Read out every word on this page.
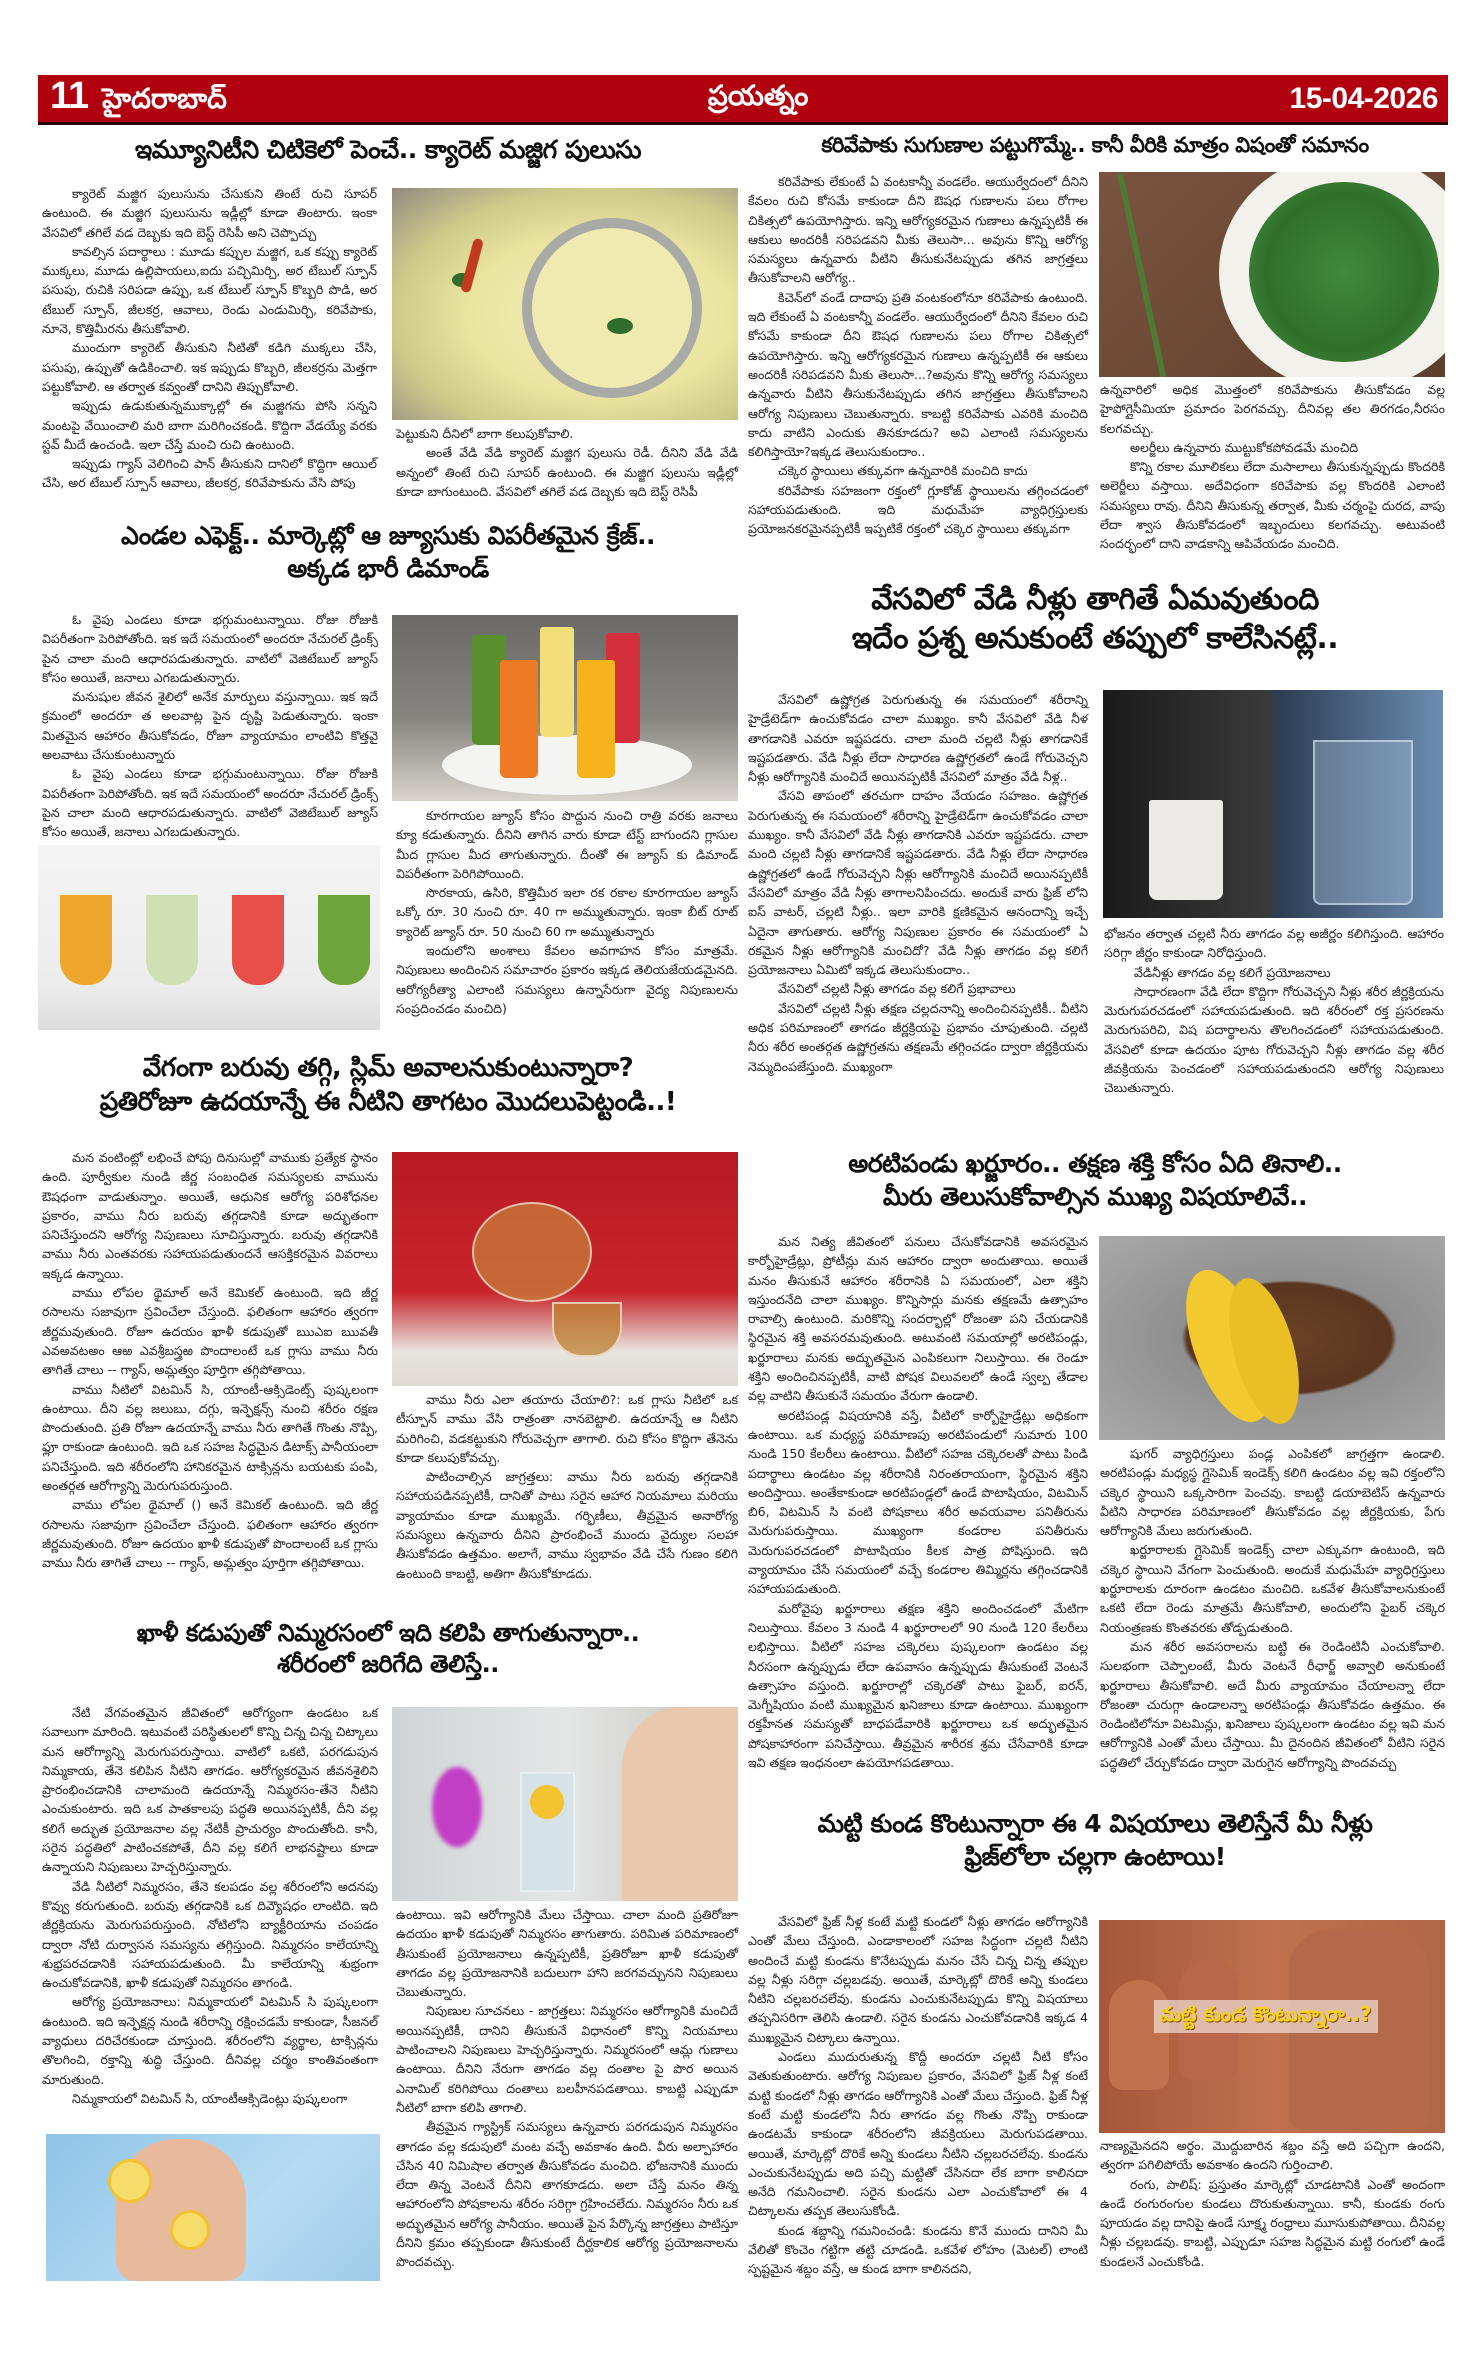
11 హైదరాబాద్	ప్రయత్నం	15-04-2026
ఇమ్యూనిటీని చిటికెలో పెంచే.. క్యారెట్ మజ్జిగ పులుసు

క్యారెట్ మజ్జిగ పులుసును చేసుకుని తింటే రుచి సూపర్ ఉంటుంది. ఈ మజ్జిగ పులుసును ఇడ్లీల్లో కూడా తింటారు. ఇంకా వేసవిలో తగిలే వడ దెబ్బకు ఇది బెస్ట్ రెసిపీ అని చెప్పొచ్చు

కావల్సిన పదార్థాలు : మూడు కప్పుల మజ్జిగ, ఒక కప్పు క్యారెట్ ముక్కలు, మూడు ఉల్లిపాయలు,ఐదు పచ్చిమిర్చి, అర టేబుల్ స్పూన్ పసుపు, రుచికి సరిపడా ఉప్పు, ఒక టేబుల్ స్పూన్ కొబ్బరి పొడి, అర టేబుల్ స్పూన్, జీలకర్ర, ఆవాలు, రెండు ఎండుమిర్చి, కరివేపాకు, నూనె, కొత్తిమీరను తీసుకోవాలి.

ముందుగా క్యారెట్ తీసుకుని నీటితో కడిగి ముక్కలు చేసి, పసుపు, ఉప్పుతో ఉడికించాలి. ఇక ఇప్పుడు కొబ్బరి, జీలకర్రను మెత్తగా పట్టుకోవాలి. ఆ తర్వాత కవ్వంతో దానిని తిప్పుకోవాలి.

ఇప్పుడు ఉడుకుతున్నముక్కాల్లో ఈ మజ్జిగను పోసి సన్నని మంటపై వేయించాలి మరి బాగా మరిగించకండి. కొద్దిగా వేడయ్యే వరకు స్టవ్ మీదే ఉంచండి. ఇలా చేస్తే మంచి రుచి ఉంటుంది.

ఇప్పుడు గ్యాస్ వెలిగించి పాన్ తీసుకుని దానిలో కొద్దిగా ఆయిల్ చేసి, అర టేబుల్ స్పూన్ ఆవాలు, జీలకర్ర, కరివేపాకును వేసి పోపు

పెట్టుకుని దీనిలో బాగా కలుపుకోవాలి.

అంతే వేడి వేడి క్యారెట్ మజ్జిగ పులుసు రెడీ. దీనిని వేడి వేడి అన్నంలో తింటే రుచి సూపర్ ఉంటుంది. ఈ మజ్జిగ పులుసు ఇడ్లీల్లో కూడా బాగుంటుంది. వేసవిలో తగిలే వడ దెబ్బకు ఇది బెస్ట్ రెసిపీ

కరివేపాకు సుగుణాల పట్టుగొమ్మే.. కానీ వీరికి మాత్రం విషంతో సమానం

కరివేపాకు లేకుంటే ఏ వంటకాన్నీ వండలేం. ఆయుర్వేదంలో దీనిని కేవలం రుచి కోసమే కాకుండా దీని ఔషధ గుణాలను పలు రోగాల చికిత్సలో ఉపయోగిస్తారు. ఇన్ని ఆరోగ్యకరమైన గుణాలు ఉన్నప్పటికీ ఈ ఆకులు అందరికీ సరిపడవని మీకు తెలుసా... అవును కొన్ని ఆరోగ్య సమస్యలు ఉన్నవారు వీటిని తీసుకునేటప్పుడు తగిన జాగ్రత్తలు తీసుకోవాలని ఆరోగ్య..

కిచెన్‌లో వండే దాదాపు ప్రతి వంటకంలోనూ కరివేపాకు ఉంటుంది. ఇది లేకుంటే ఏ వంటకాన్నీ వండలేం. ఆయుర్వేదంలో దీనిని కేవలం రుచి కోసమే కాకుండా దీని ఔషధ గుణాలను పలు రోగాల చికిత్సలో ఉపయోగిస్తారు. ఇన్ని ఆరోగ్యకరమైన గుణాలు ఉన్నప్పటికీ ఈ ఆకులు అందరికీ సరిపడవని మీకు తెలుసా...?అవును కొన్ని ఆరోగ్య సమస్యలు ఉన్నవారు వీటిని తీసుకునేటప్పుడు తగిన జాగ్రత్తలు తీసుకోవాలని ఆరోగ్య నిపుణులు చెబుతున్నారు. కాబట్టి కరివేపాకు ఎవరికి మంచిది కాదు వాటిని ఎందుకు తినకూడదు? అవి ఎలాంటి సమస్యలను కలిగిస్తాయో?ఇక్కడ తెలుసుకుందాం..

చక్కెర స్థాయిలు తక్కువగా ఉన్నవారికి మంచిది కాదు

కరివేపాకు సహజంగా రక్తంలో గ్లూకోజ్ స్థాయిలను తగ్గించడంలో సహాయపడుతుంది. ఇది మధుమేహ వ్యాధిగ్రస్తులకు ప్రయోజనకరమైనప్పటికీ ఇప్పటికే రక్తంలో చక్కెర స్థాయిలు తక్కువగా

ఉన్నవారిలో అధిక మొత్తంలో కరివేపాకును తీసుకోవడం వల్ల హైపోగ్లైసీమియా ప్రమాదం పెరగవచ్చు. దీనివల్ల తల తిరగడం,నీరసం కలగవచ్చు.

అలర్జీలు ఉన్నవారు ముట్టుకోకపోవడమే మంచిది

కొన్ని రకాల మూలికలు లేదా మసాలాలు తీసుకున్నప్పుడు కొందరికి అలెర్జీలు వస్తాయి. అదేవిధంగా కరివేపాకు వల్ల కొందరికి ఎలాంటి సమస్యలు రావు. దీనిని తీసుకున్న తర్వాత, మీకు చర్మంపై దురద, వాపు లేదా శ్వాస తీసుకోవడంలో ఇబ్బందులు కలగవచ్చు. అటువంటి సందర్భంలో దాని వాడకాన్ని ఆపివేయడం మంచిది.

ఎండల ఎఫెక్ట్.. మార్కెట్లో ఆ జ్యూసుకు విపరీతమైన క్రేజ్..
అక్కడ భారీ డిమాండ్

ఓ వైపు ఎండలు కూడా భగ్గుమంటున్నాయి. రోజు రోజుకి విపరీతంగా పెరిపోతోంది. ఇక ఇదే సమయంలో అందరూ నేచురల్ డ్రింక్స్ పైన చాలా మంది ఆధారపడుతున్నారు. వాటిలో వెజిటేబుల్ జ్యూస్ కోసం అయితే, జనాలు ఎగబడుతున్నారు.

మనుషుల జీవన శైలిలో అనేక మార్పులు వస్తున్నాయి. ఇక ఇదే క్రమంలో అందరూ త అలవాట్ల పైన దృష్టి పెడుతున్నారు. ఇంకా మితమైన ఆహారం తీసుకోవడం, రోజూ వ్యాయామం లాంటివి కొత్తవై అలవాటు చేసుకుంటున్నారు

ఓ వైపు ఎండలు కూడా భగ్గుమంటున్నాయి. రోజు రోజుకి విపరీతంగా పెరిపోతోంది. ఇక ఇదే సమయంలో అందరూ నేచురల్ డ్రింక్స్ పైన చాలా మంది ఆధారపడుతున్నారు. వాటిలో వెజిటేబుల్ జ్యూస్ కోసం అయితే, జనాలు ఎగబడుతున్నారు.

కూరగాయల జ్యూస్ కోసం పొద్దున నుంచి రాత్రి వరకు జనాలు క్యూ కడుతున్నారు. దీనిని తాగిన వారు కూడా టేస్ట్ బాగుందని గ్లాసుల మీద గ్లాసుల మీద తాగుతున్నారు. దీంతో ఈ జ్యూస్ కు డిమాండ్ విపరీతంగా పెరిగిపోయింది.

సొరకాయ, ఉసిరి, కొత్తిమీర ఇలా రక రకాల కూరగాయల జ్యూస్ ఒక్కో రూ. 30 నుంచి రూ. 40 గా అమ్ముతున్నారు. ఇంకా బీట్ రూట్ క్యారెట్ జ్యూస్ రూ. 50 నుంచి 60 గా అమ్ముతున్నారు

ఇందులోని అంశాలు కేవలం అవగాహన కోసం మాత్రమే. నిపుణులు అందించిన సమాచారం ప్రకారం ఇక్కడ తెలియజేయడమైనది. ఆరోగ్యరీత్యా ఎలాంటి సమస్యలు ఉన్నాసేరుగా వైద్య నిపుణులను సంప్రదించడం మంచిది)

వేసవిలో వేడి నీళ్లు తాగితే ఏమవుతుంది
ఇదేం ప్రశ్న అనుకుంటే తప్పులో కాలేసినట్లే..

వేసవిలో ఉష్ణోగ్రత పెరుగుతున్న ఈ సమయంలో శరీరాన్ని హైడ్రేటెడ్‌గా ఉంచుకోవడం చాలా ముఖ్యం. కానీ వేసవిలో వేడి నీళ తాగడానికి ఎవరూ ఇష్టపడరు. చాలా మంది చల్లటి నీళ్లు తాగడానికే ఇష్టపడతారు. వేడి నీళ్లు లేదా సాధారణ ఉష్ణోగ్రతలో ఉండే గోరువెచ్చని నీళ్లు ఆరోగ్యానికి మంచిదే అయినప్పటికీ వేసవిలో మాత్రం వేడి నీళ్ల..

వేసవి తాపంలో తరచుగా దాహం వేయడం సహజం. ఉష్ణోగ్రత పెరుగుతున్న ఈ సమయంలో శరీరాన్ని హైడ్రేటెడ్‌గా ఉంచుకోవడం చాలా ముఖ్యం. కానీ వేసవిలో వేడి నీళ్లు తాగడానికి ఎవరూ ఇష్టపడరు. చాలా మంది చల్లటి నీళ్లు తాగడానికే ఇష్టపడతారు. వేడి నీళ్లు లేదా సాధారణ ఉష్ణోగ్రతలో ఉండే గోరువెచ్చని నీళ్లు ఆరోగ్యానికి మంచిదే అయినప్పటికీ వేసవిలో మాత్రం వేడి నీళ్లు తాగాలనిపించదు. అందుకే వారు ఫ్రిజ్ లోని ఐస్ వాటర్, చల్లటి నీళ్లు.. ఇలా వారికి క్షణికమైన ఆనందాన్ని ఇచ్చే ఏదైనా తాగుతారు. ఆరోగ్య నిపుణుల ప్రకారం ఈ సమయంలో ఏ రకమైన నీళ్లు ఆరోగ్యానికి మంచిదో? వేడి నీళ్లు తాగడం వల్ల కలిగే ప్రయోజనాలు ఏమిటో ఇక్కడ తెలుసుకుందాం..

వేసవిలో చల్లటి నీళ్లు తాగడం వల్ల కలిగే ప్రభావాలు

వేసవిలో చల్లటి నీళ్లు తక్షణ చల్లదనాన్ని అందించినప్పటికీ.. వీటిని అధిక పరిమాణంలో తాగడం జీర్ణక్రియపై ప్రభావం చూపుతుంది. చల్లటి నీరు శరీర అంతర్గత ఉష్ణోగ్రతను తక్షణమే తగ్గించడం ద్వారా జీర్ణక్రియను నెమ్మదింపజేస్తుంది. ముఖ్యంగా

భోజనం తర్వాత చల్లటి నీరు తాగడం వల్ల అజీర్ణం కలిగిస్తుంది. ఆహారం సరిగ్గా జీర్ణం కాకుండా నిరోధిస్తుంది.

వేడినీళ్లు తాగడం వల్ల కలిగే ప్రయోజనాలు

సాధారణంగా వేడి లేదా కొద్దిగా గోరువెచ్చని నీళ్లు శరీర జీర్ణక్రియను మెరుగుపరచడంలో సహాయపడుతుంది. ఇది శరీరంలో రక్త ప్రసరణను మెరుగుపరిచి, విష పదార్థాలను తొలగించడంలో సహాయపడుతుంది. వేసవిలో కూడా ఉదయం పూట గోరువెచ్చని నీళ్లు తాగడం వల్ల శరీర జీవక్రియను పెంచడంలో సహాయపడుతుందని ఆరోగ్య నిపుణులు చెబుతున్నారు.

వేగంగా బరువు తగ్గి, స్లిమ్ అవాలనుకుంటున్నారా?
ప్రతిరోజూ ఉదయాన్నే ఈ నీటిని తాగటం మొదలుపెట్టండి..!

మన వంటింట్లో లభించే పోపు దినుసుల్లో వాముకు ప్రత్యేక స్థానం ఉంది. పూర్వీకుల నుండి జీర్ణ సంబంధిత సమస్యలకు వామును ఔషధంగా వాడుతున్నాం. అయితే, ఆధునిక ఆరోగ్య పరిశోధనల ప్రకారం, వాము నీరు బరువు తగ్గడానికి కూడా అద్భుతంగా పనిచేస్తుందని ఆరోగ్య నిపుణులు సూచిస్తున్నారు. బరువు తగ్గడానికి వాము నీరు ఎంతవరకు సహాయపడుతుందనే ఆసక్తికరమైన వివరాలు ఇక్కడ ఉన్నాయి.

వాము లోపల థైమాల్ అనే కెమికల్ ఉంటుంది. ఇది జీర్ణ రసాలను సజావుగా స్రవించేలా చేస్తుంది. ఫలితంగా ఆహారం త్వరగా జీర్ణమవుతుంది. రోజూ ఉదయం ఖాళీ కడుపుతో ఋఎఐ ఋవతీ ఎవఅవటఅం ఆఱ ఎవశ్రీబస్త్రఱ పొందాలంటే ఒక గ్లాసు వాము నీరు తాగితే చాలు -- గ్యాస్, అమ్లత్వం పూర్తిగా తగ్గిపోతాయి.

వాము నీటిలో విటమిన్ సి, యాంటీ-ఆక్సిడెంట్స్ పుష్కలంగా ఉంటాయి. దీని వల్ల జలుబు, దగ్గు, ఇన్ఫెక్షన్స్ నుంచి శరీరం రక్షణ పొందుతుంది. ప్రతి రోజూ ఉదయాన్నే వాము నీరు తాగితే గొంతు నొప్పి, ఫ్లూ రాకుండా ఉంటుంది. ఇది ఒక సహజ సిద్ధమైన డిటాక్స్ పానీయంలా పనిచేస్తుంది. ఇది శరీరంలోని హానికరమైన టాక్సిన్లను బయటకు పంపి, అంతర్గత ఆరోగ్యాన్ని మెరుగుపరుస్తుంది.

వాము లోపల థైమాల్ () అనే కెమికల్ ఉంటుంది. ఇది జీర్ణ రసాలను సజావుగా స్రవించేలా చేస్తుంది. ఫలితంగా ఆహారం త్వరగా జీర్ణమవుతుంది. రోజూ ఉదయం ఖాళీ కడుపుతో పొందాలంటే ఒక గ్లాసు వాము నీరు తాగితే చాలు -- గ్యాస్, అమ్లత్వం పూర్తిగా తగ్గిపోతాయి.

వాము నీరు ఎలా తయారు చేయాలి?: ఒక గ్లాసు నీటిలో ఒక టీస్పూన్ వాము వేసి రాత్రంతా నానబెట్టాలి. ఉదయాన్నే ఆ నీటిని మరిగించి, వడకట్టుకుని గోరువెచ్చగా తాగాలి. రుచి కోసం కొద్దిగా తేనెను కూడా కలుపుకోవచ్చు.

పాటించాల్సిన జాగ్రత్తలు: వాము నీరు బరువు తగ్గడానికి సహాయపడినప్పటికీ, దానితో పాటు సరైన ఆహార నియమాలు మరియు వ్యాయామం కూడా ముఖ్యమే. గర్భిణీలు, తీవ్రమైన అనారోగ్య సమస్యలు ఉన్నవారు దీనిని ప్రారంభించే ముందు వైద్యుల సలహా తీసుకోవడం ఉత్తమం. అలాగే, వాము స్వభావం వేడి చేసే గుణం కలిగి ఉంటుంది కాబట్టి, అతిగా తీసుకోకూడదు.

అరటిపండు ఖర్జూరం.. తక్షణ శక్తి కోసం ఏది తినాలి..
మీరు తెలుసుకోవాల్సిన ముఖ్య విషయాలివే..

మన నిత్య జీవితంలో పనులు చేసుకోవడానికి అవసరమైన కార్బోహైడ్రేట్లు, ప్రోటీన్లు మన ఆహారం ద్వారా అందుతాయి. అయితే మనం తీసుకునే ఆహారం శరీరానికి ఏ సమయంలో, ఎలా శక్తిని ఇస్తుందనేది చాలా ముఖ్యం. కొన్నిసార్లు మనకు తక్షణమే ఉత్సాహం రావాల్సి ఉంటుంది. మరికొన్ని సందర్భాల్లో రోజంతా పని చేయడానికి స్థిరమైన శక్తి అవసరమవుతుంది. అటువంటి సమయాల్లో అరటిపండ్లు, ఖర్జూరాలు మనకు అద్భుతమైన ఎంపికలుగా నిలుస్తాయి. ఈ రెండూ శక్తిని అందించినప్పటికీ, వాటి పోషక విలువలలో ఉండే స్వల్ప తేడాల వల్ల వాటిని తీసుకునే సమయం వేరుగా ఉండాలి.

అరటిపండ్ల విషయానికి వస్తే, వీటిలో కార్బోహైడ్రేట్లు అధికంగా ఉంటాయి. ఒక మధ్యస్థ పరిమాణపు అరటిపండులో సుమారు 100 నుండి 150 కేలరీలు ఉంటాయి. వీటిలో సహజ చక్కెరలతో పాటు పిండి పదార్థాలు ఉండటం వల్ల శరీరానికి నిరంతరాయంగా, స్థిరమైన శక్తిని అందిస్తాయి. అంతేకాకుండా అరటిపండ్లలో ఉండే పొటాషియం, విటమిన్ బి6, విటమిన్ సి వంటి పోషకాలు శరీర అవయవాల పనితీరును మెరుగుపరుస్తాయి. ముఖ్యంగా కండరాల పనితీరును మెరుగుపరచడంలో పొటాషియం కీలక పాత్ర పోషిస్తుంది. ఇది వ్యాయామం చేసే సమయంలో వచ్చే కండరాల తిమ్మిర్లను తగ్గించడానికి సహాయపడుతుంది.

మరోవైపు ఖర్జూరాలు తక్షణ శక్తిని అందించడంలో మేటిగా నిలుస్తాయి. కేవలం 3 నుండి 4 ఖర్జూరాలలో 90 నుండి 120 కేలరీలు లభిస్తాయి. వీటిలో సహజ చక్కెరలు పుష్కలంగా ఉండటం వల్ల నీరసంగా ఉన్నప్పుడు లేదా ఉపవాసం ఉన్నప్పుడు తీసుకుంటే వెంటనే ఉత్సాహం వస్తుంది. ఖర్జూరాల్లో చక్కెరతో పాటు ఫైబర్, ఐరన్, మెగ్నీషియం వంటి ముఖ్యమైన ఖనిజాలు కూడా ఉంటాయి. ముఖ్యంగా రక్తహీనత సమస్యతో బాధపడేవారికి ఖర్జూరాలు ఒక అద్భుతమైన పోషకాహారంగా పనిచేస్తాయి. తీవ్రమైన శారీరక శ్రమ చేసేవారికి కూడా ఇవి తక్షణ ఇంధనంలా ఉపయోగపడతాయి.

షుగర్ వ్యాధిగ్రస్తులు పండ్ల ఎంపికలో జాగ్రత్తగా ఉండాలి. అరటిపండ్లు మధ్యస్థ గ్లైసెమిక్ ఇండెక్స్ కలిగి ఉండటం వల్ల ఇవి రక్తంలోని చక్కెర స్థాయిని ఒక్కసారిగా పెంచవు. కాబట్టి డయాబెటిస్ ఉన్నవారు వీటిని సాధారణ పరిమాణంలో తీసుకోవడం వల్ల జీర్ణక్రియకు, పేగు ఆరోగ్యానికి మేలు జరుగుతుంది.

ఖర్జూరాలకు గ్లైసెమిక్ ఇండెక్స్ చాలా ఎక్కువగా ఉంటుంది, ఇది చక్కెర స్థాయిని వేగంగా పెంచుతుంది. అందుకే మధుమేహ వ్యాధిగ్రస్తులు ఖర్జూరాలకు దూరంగా ఉండటం మంచిది. ఒకవేళ తీసుకోవాలనుకుంటే ఒకటి లేదా రెండు మాత్రమే తీసుకోవాలి, అందులోని ఫైబర్ చక్కెర నియంత్రణకు కొంతవరకు తోడ్పడుతుంది.

మన శరీర అవసరాలను బట్టి ఈ రెండింటినీ ఎంచుకోవాలి. సులభంగా చెప్పాలంటే, మీరు వెంటనే రీఛార్జ్ అవ్వాలి అనుకుంటే ఖర్జూరాలు తీసుకోవాలి. అదే మీరు వ్యాయామం చేయాలన్నా లేదా రోజంతా చురుగ్గా ఉండాలన్నా అరటిపండ్లు తీసుకోవడం ఉత్తమం. ఈ రెండింటిలోనూ విటమిన్లు, ఖనిజాలు పుష్కలంగా ఉండటం వల్ల ఇవి మన ఆరోగ్యానికి ఎంతో మేలు చేస్తాయి. మీ దైనందిన జీవితంలో వీటిని సరైన పద్ధతిలో చేర్చుకోవడం ద్వారా మెరుగైన ఆరోగ్యాన్ని పొందవచ్చు

ఖాళీ కడుపుతో నిమ్మరసంలో ఇది కలిపి తాగుతున్నారా..
శరీరంలో జరిగేది తెలిస్తే..

నేటి వేగవంతమైన జీవితంలో ఆరోగ్యంగా ఉండటం ఒక సవాలుగా మారింది. ఇటువంటి పరిస్థితులలో కొన్ని చిన్న చిన్న చిట్కాలు మన ఆరోగ్యాన్ని మెరుగుపరుస్తాయి. వాటిలో ఒకటి, పరగడుపున నిమ్మకాయ, తేనె కలిపిన నీటిని తాగడం. ఆరోగ్యకరమైన జీవనశైలిని ప్రారంభించడానికి చాలామంది ఉదయాన్నే నిమ్మరసం-తేనె నీటిని ఎంచుకుంటారు. ఇది ఒక పాతకాలపు పద్ధతి అయినప్పటికీ, దీని వల్ల కలిగే అద్భుత ప్రయోజనాల వల్ల నేటికీ ప్రాచుర్యం పొందుతోంది. కానీ, సరైన పద్ధతిలో పాటించకపోతే, దీని వల్ల కలిగే లాభనష్టాలు కూడా ఉన్నాయని నిపుణులు హెచ్చరిస్తున్నారు.

వేడి నీటిలో నిమ్మరసం, తేనె కలపడం వల్ల శరీరంలోని అదనపు కొవ్వు కరుగుతుంది. బరువు తగ్గడానికి ఒక దివ్యౌషధం లాంటిది. ఇది జీర్ణక్రియను మెరుగుపరుస్తుంది. నోటిలోని బ్యాక్టీరియాను చంపడం ద్వారా నోటి దుర్వాసన సమస్యను తగ్గిస్తుంది. నిమ్మరసం కాలేయాన్ని శుభ్రపరచడానికి సహాయపడుతుంది. మీ కాలేయాన్ని శుభ్రంగా ఉంచుకోవడానికి, ఖాళీ కడుపుతో నిమ్మరసం తాగండి.

ఆరోగ్య ప్రయోజనాలు: నిమ్మకాయలో విటమిన్ సి పుష్కలంగా ఉంటుంది. ఇది ఇన్ఫెక్షన్ల నుండి శరీరాన్ని రక్షించడమే కాకుండా, సీజనల్ వ్యాధులు దరిచేరకుండా చూస్తుంది. శరీరంలోని వ్యర్థాల, టాక్సిన్లను తొలగించి, రక్తాన్ని శుద్ధి చేస్తుంది. దీనివల్ల చర్మం కాంతివంతంగా మారుతుంది.

నిమ్మకాయలో విటమిన్ సి, యాంటీఆక్సిడెంట్లు పుష్కలంగా

ఉంటాయి. ఇవి ఆరోగ్యానికి మేలు చేస్తాయి. చాలా మంది ప్రతిరోజూ ఉదయం ఖాళీ కడుపుతో నిమ్మరసం తాగుతారు. పరిమిత పరిమాణంలో తీసుకుంటే ప్రయోజనాలు ఉన్నప్పటికీ, ప్రతిరోజూ ఖాళీ కడుపుతో తాగడం వల్ల ప్రయోజనానికి బదులుగా హాని జరగవచ్చునని నిపుణులు చెబుతున్నారు.

నిపుణుల సూచనలు - జాగ్రత్తలు: నిమ్మరసం ఆరోగ్యానికి మంచిదే అయినప్పటికీ, దానిని తీసుకునే విధానంలో కొన్ని నియమాలు పాటించాలని నిపుణులు హెచ్చరిస్తున్నారు. నిమ్మరసంలో ఆమ్ల గుణాలు ఉంటాయి. దీనిని నేరుగా తాగడం వల్ల దంతాల పై పొర అయిన ఎనామిల్ కరిగిపోయి దంతాలు బలహీనపడతాయి. కాబట్టి ఎప్పుడూ నీటిలో బాగా కలిపి తాగాలి.

తీవ్రమైన గ్యాస్ట్రిక్ సమస్యలు ఉన్నవారు పరగడుపున నిమ్మరసం తాగడం వల్ల కడుపులో మంట వచ్చే అవకాశం ఉంది. వీరు అల్పాహారం చేసిన 40 నిమిషాల తర్వాత తీసుకోవడం మంచిది. భోజనానికి ముందు లేదా తిన్న వెంటనే దీనిని తాగకూడదు. అలా చేస్తే మనం తిన్న ఆహారంలోని పోషకాలను శరీరం సరిగ్గా గ్రహించలేదు. నిమ్మరసం నీరు ఒక అద్భుతమైన ఆరోగ్య పానీయం. అయితే పైన పేర్కొన్న జాగ్రత్తలు పాటిస్తూ దీనిని క్రమం తప్పకుండా తీసుకుంటే దీర్ఘకాలిక ఆరోగ్య ప్రయోజనాలను పొందవచ్చు.

మట్టి కుండ కొంటున్నారా ఈ 4 విషయాలు తెలిస్తేనే మీ నీళ్లు
ఫ్రిజ్‌లోలా చల్లగా ఉంటాయి!

వేసవిలో ఫ్రిజ్ నీళ్ల కంటే మట్టి కుండలో నీళ్లు తాగడం ఆరోగ్యానికి ఎంతో మేలు చేస్తుంది. ఎండాకాలంలో సహజ సిద్ధంగా చల్లటి నీటిని అందించే మట్టి కుండను కొనేటప్పుడు మనం చేసే చిన్న చిన్న తప్పుల వల్ల నీళ్లు సరిగ్గా చల్లబడవు. అయితే, మార్కెట్లో దొరికే అన్ని కుండలు నీటిని చల్లబరచలేవు. కుండను ఎంచుకునేటప్పుడు కొన్ని విషయాలు తప్పనిసరిగా తెలిసి ఉండాలి. సరైన కుండను ఎంచుకోవడానికి ఇక్కడ 4 ముఖ్యమైన చిట్కాలు ఉన్నాయి.

ఎండలు ముదురుతున్న కొద్దీ అందరూ చల్లటి నీటి కోసం వెతుకుతుంటారు. ఆరోగ్య నిపుణుల ప్రకారం, వేసవిలో ఫ్రిజ్ నీళ్ల కంటే మట్టి కుండలో నీళ్లు తాగడం ఆరోగ్యానికి ఎంతో మేలు చేస్తుంది. ఫ్రిజ్ నీళ్ల కంటే మట్టి కుండలోని నీరు తాగడం వల్ల గొంతు నొప్పి రాకుండా ఉండటమే కాకుండా శరీరంలోని జీవక్రియలు మెరుగుపడతాయి. అయితే, మార్కెట్లో దొరికే అన్ని కుండలు నీటిని చల్లబరచలేవు. కుండను ఎంచుకునేటప్పుడు అది పచ్చి మట్టితో చేసినదా లేక బాగా కాలినదా అనేది గమనించాలి. సరైన కుండను ఎలా ఎంచుకోవాలో ఈ 4 చిట్కాలను తప్పక తెలుసుకోండి.

కుండ శబ్దాన్ని గమనించండి: కుండను కొనే ముందు దానిని మీ వేలితో కొంచెం గట్టిగా తట్టి చూడండి. ఒకవేళ లోహం (మెటల్) లాంటి స్పష్టమైన శబ్దం వస్తే, ఆ కుండ బాగా కాలినదని,

మట్టి కుండ కొంటున్నారా..?

నాణ్యమైనదని అర్థం. మొద్దుబారిన శబ్దం వస్తే అది పచ్చిగా ఉందని, త్వరగా పగిలిపోయే అవకాశం ఉందని గుర్తించాలి.

రంగు, పాలిష్: ప్రస్తుతం మార్కెట్లో చూడటానికి ఎంతో అందంగా ఉండే రంగురంగుల కుండలు దొరుకుతున్నాయి. కానీ, కుండకు రంగు పూయడం వల్ల దానిపై ఉండే సూక్ష్మ రంధ్రాలు మూసుకుపోతాయి. దీనివల్ల నీళ్లు చల్లబడవు. కాబట్టి, ఎప్పుడూ సహజ సిద్ధమైన మట్టి రంగులో ఉండే కుండలనే ఎంచుకోండి.
